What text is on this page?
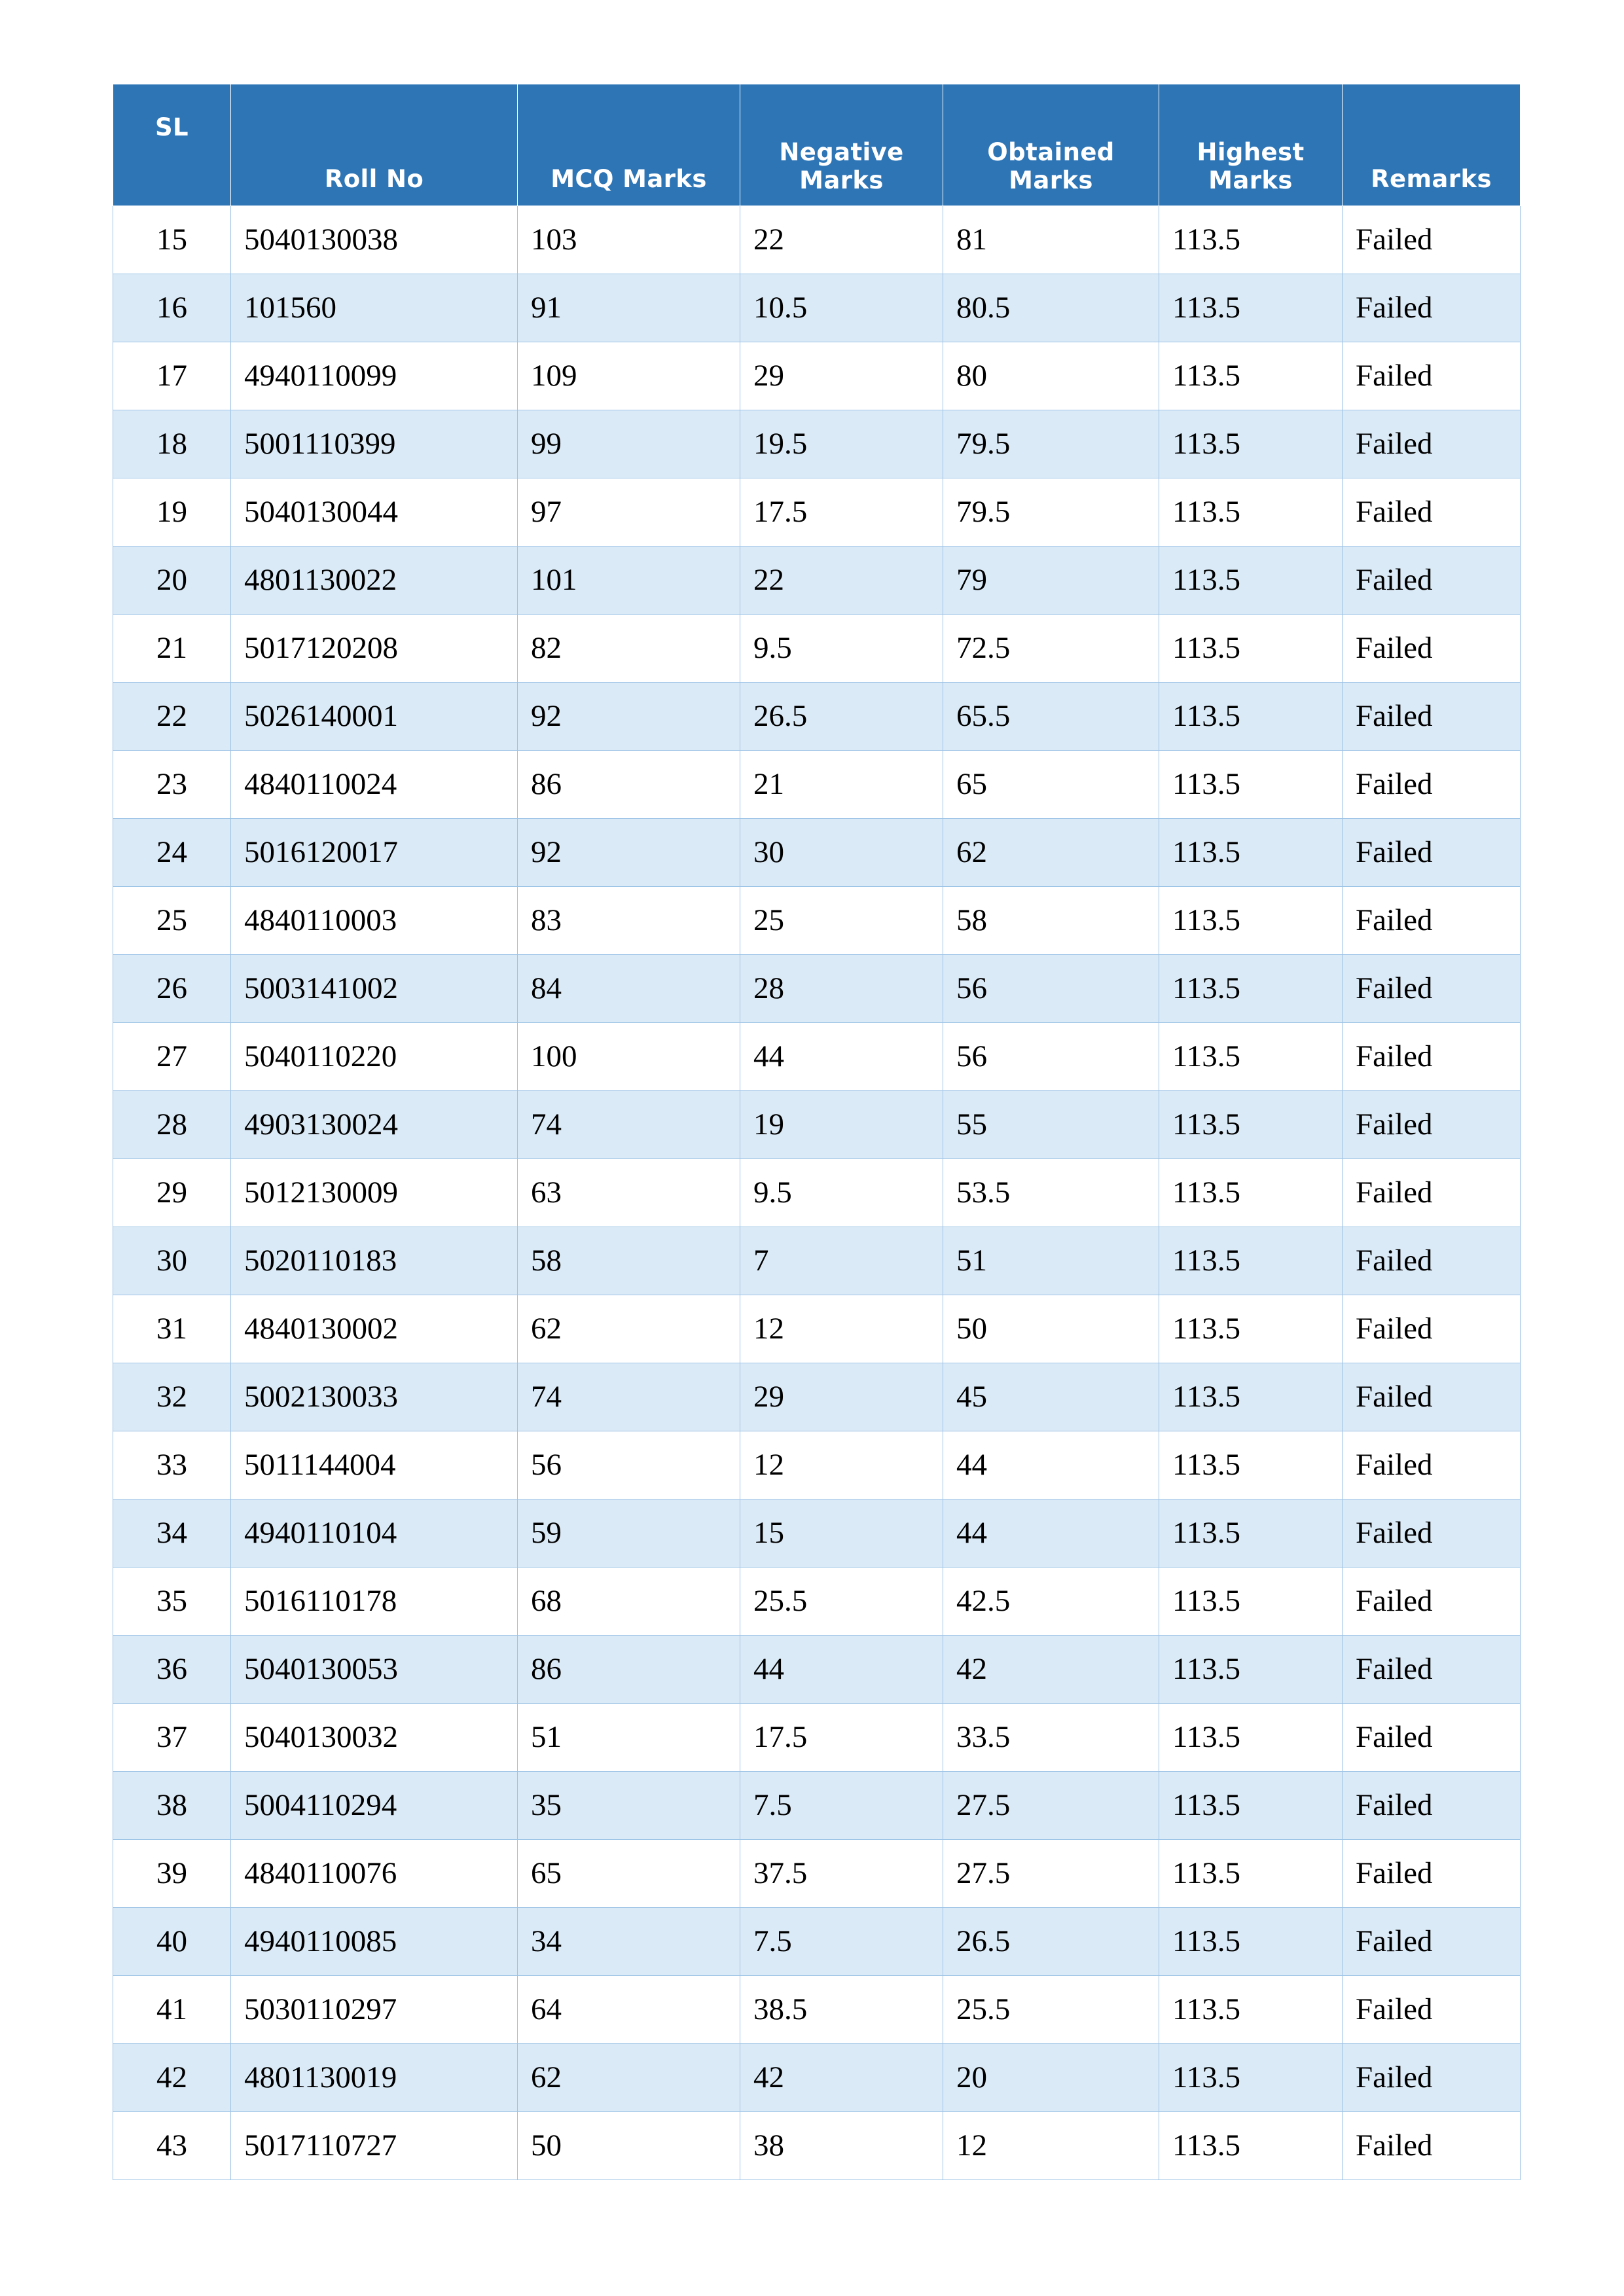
SL	Roll No	MCQ Marks	Negative Marks	Obtained Marks	Highest Marks	Remarks
15	5040130038	103	22	81	113.5	Failed
16	101560	91	10.5	80.5	113.5	Failed
17	4940110099	109	29	80	113.5	Failed
18	5001110399	99	19.5	79.5	113.5	Failed
19	5040130044	97	17.5	79.5	113.5	Failed
20	4801130022	101	22	79	113.5	Failed
21	5017120208	82	9.5	72.5	113.5	Failed
22	5026140001	92	26.5	65.5	113.5	Failed
23	4840110024	86	21	65	113.5	Failed
24	5016120017	92	30	62	113.5	Failed
25	4840110003	83	25	58	113.5	Failed
26	5003141002	84	28	56	113.5	Failed
27	5040110220	100	44	56	113.5	Failed
28	4903130024	74	19	55	113.5	Failed
29	5012130009	63	9.5	53.5	113.5	Failed
30	5020110183	58	7	51	113.5	Failed
31	4840130002	62	12	50	113.5	Failed
32	5002130033	74	29	45	113.5	Failed
33	5011144004	56	12	44	113.5	Failed
34	4940110104	59	15	44	113.5	Failed
35	5016110178	68	25.5	42.5	113.5	Failed
36	5040130053	86	44	42	113.5	Failed
37	5040130032	51	17.5	33.5	113.5	Failed
38	5004110294	35	7.5	27.5	113.5	Failed
39	4840110076	65	37.5	27.5	113.5	Failed
40	4940110085	34	7.5	26.5	113.5	Failed
41	5030110297	64	38.5	25.5	113.5	Failed
42	4801130019	62	42	20	113.5	Failed
43	5017110727	50	38	12	113.5	Failed
